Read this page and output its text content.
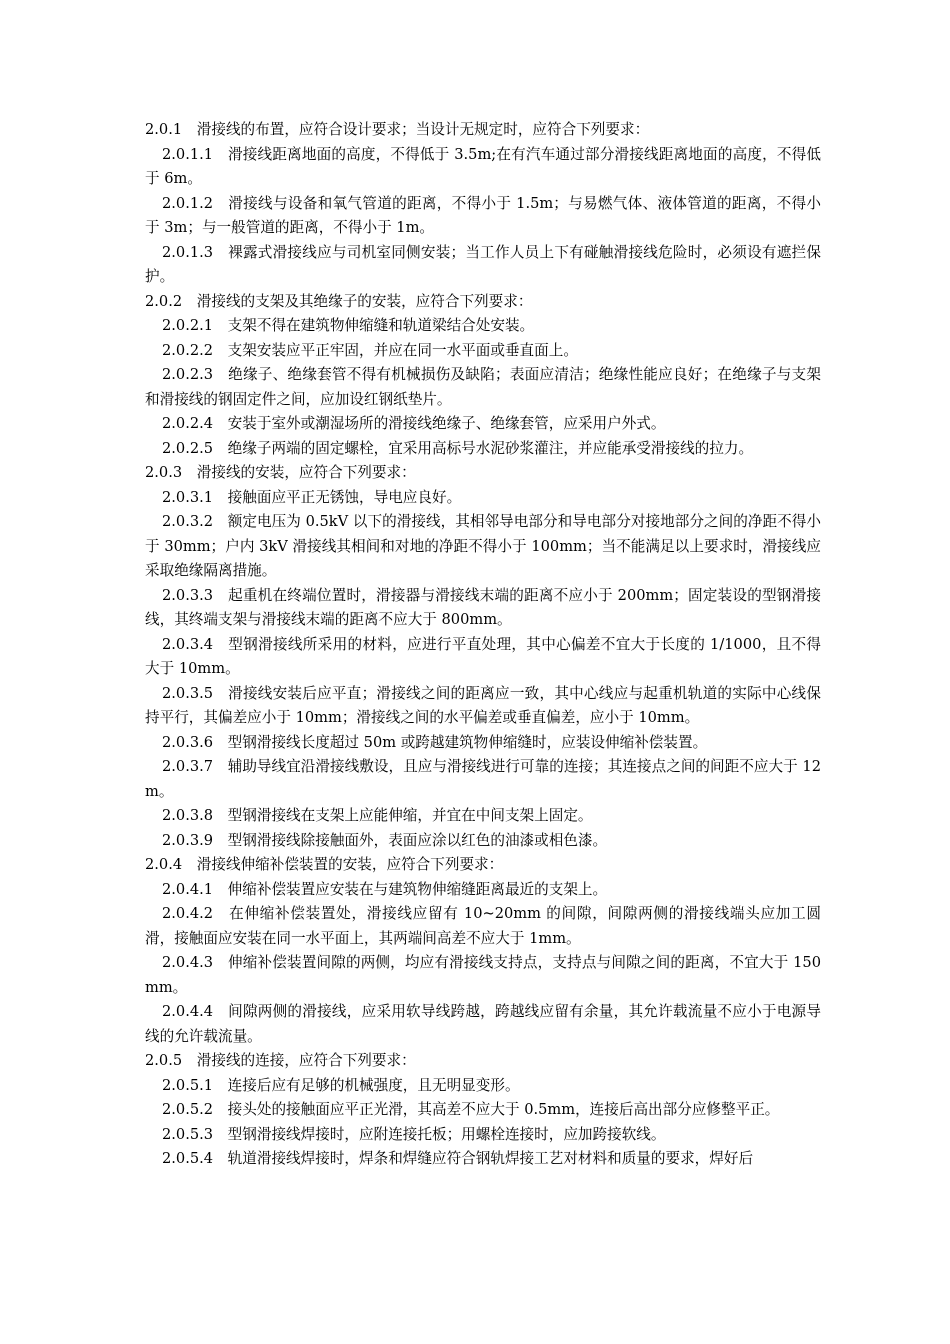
2.0.1　 滑接线的布置，应符合设计要求；当设计无规定时，应符合下列要求：

2.0.1.1　 滑接线距离地面的高度，不得低于 3.5m;在有汽车通过部分滑接线距离地面的高度，不得低于 6m。

2.0.1.2　 滑接线与设备和氧气管道的距离，不得小于 1.5m；与易燃气体、液体管道的距离，不得小于 3m；与一般管道的距离，不得小于 1m。

2.0.1.3　 裸露式滑接线应与司机室同侧安装；当工作人员上下有碰触滑接线危险时，必须设有遮拦保护。

2.0.2　 滑接线的支架及其绝缘子的安装，应符合下列要求：

2.0.2.1　 支架不得在建筑物伸缩缝和轨道梁结合处安装。

2.0.2.2　 支架安装应平正牢固，并应在同一水平面或垂直面上。

2.0.2.3　 绝缘子、绝缘套管不得有机械损伤及缺陷；表面应清洁；绝缘性能应良好；在绝缘子与支架和滑接线的钢固定件之间，应加设红钢纸垫片。

2.0.2.4　 安装于室外或潮湿场所的滑接线绝缘子、绝缘套管，应采用户外式。

2.0.2.5　 绝缘子两端的固定螺栓，宜采用高标号水泥砂浆灌注，并应能承受滑接线的拉力。

2.0.3　 滑接线的安装，应符合下列要求：

2.0.3.1　 接触面应平正无锈蚀，导电应良好。

2.0.3.2　 额定电压为 0.5kV 以下的滑接线，其相邻导电部分和导电部分对接地部分之间的净距不得小于 30mm；户内 3kV 滑接线其相间和对地的净距不得小于 100mm；当不能满足以上要求时，滑接线应采取绝缘隔离措施。

2.0.3.3　 起重机在终端位置时，滑接器与滑接线末端的距离不应小于 200mm；固定装设的型钢滑接线，其终端支架与滑接线末端的距离不应大于 800mm。

2.0.3.4　 型钢滑接线所采用的材料，应进行平直处理，其中心偏差不宜大于长度的 1/1000，且不得大于 10mm。

2.0.3.5　 滑接线安装后应平直；滑接线之间的距离应一致，其中心线应与起重机轨道的实际中心线保持平行，其偏差应小于 10mm；滑接线之间的水平偏差或垂直偏差，应小于 10mm。

2.0.3.6　 型钢滑接线长度超过 50m 或跨越建筑物伸缩缝时，应装设伸缩补偿装置。

2.0.3.7　 辅助导线宜沿滑接线敷设，且应与滑接线进行可靠的连接；其连接点之间的间距不应大于 12m。

2.0.3.8　 型钢滑接线在支架上应能伸缩，并宜在中间支架上固定。

2.0.3.9　 型钢滑接线除接触面外，表面应涂以红色的油漆或相色漆。

2.0.4　 滑接线伸缩补偿装置的安装，应符合下列要求：

2.0.4.1　 伸缩补偿装置应安装在与建筑物伸缩缝距离最近的支架上。

2.0.4.2　 在伸缩补偿装置处，滑接线应留有 10~20mm 的间隙，间隙两侧的滑接线端头应加工圆滑，接触面应安装在同一水平面上，其两端间高差不应大于 1mm。

2.0.4.3　 伸缩补偿装置间隙的两侧，均应有滑接线支持点，支持点与间隙之间的距离，不宜大于 150mm。

2.0.4.4　 间隙两侧的滑接线，应采用软导线跨越，跨越线应留有余量，其允许载流量不应小于电源导线的允许载流量。

2.0.5　 滑接线的连接，应符合下列要求：

2.0.5.1　 连接后应有足够的机械强度，且无明显变形。

2.0.5.2　 接头处的接触面应平正光滑，其高差不应大于 0.5mm，连接后高出部分应修整平正。

2.0.5.3　 型钢滑接线焊接时，应附连接托板；用螺栓连接时，应加跨接软线。

2.0.5.4　 轨道滑接线焊接时，焊条和焊缝应符合钢轨焊接工艺对材料和质量的要求，焊好后
